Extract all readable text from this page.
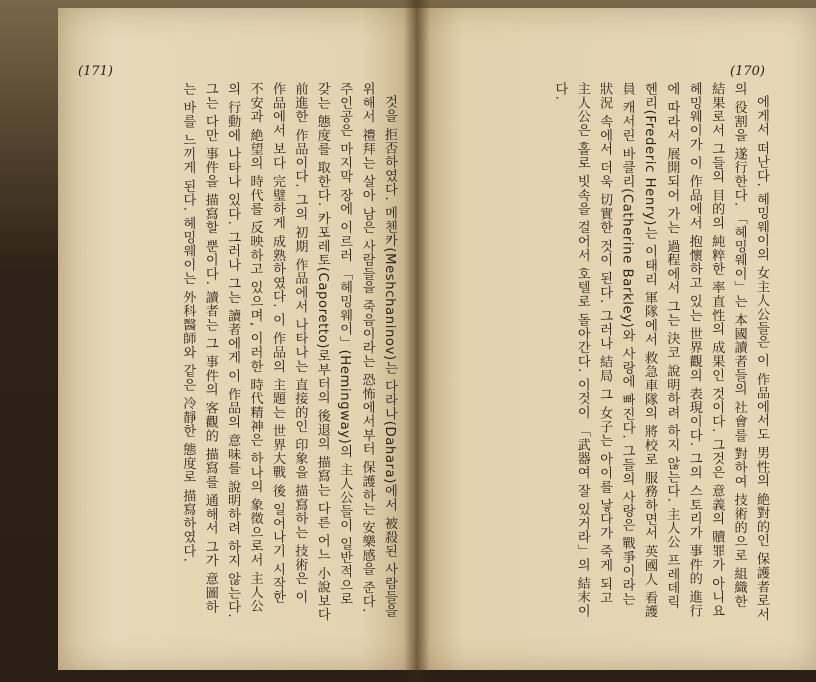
(171)	(170)

에게서 떠난다. 헤밍웨이의 女主人公들은 이 作品에서도 男性의 絶對的인 保護者로서의 役割을 遂行한다. 「헤밍웨이」는 本國讀者들의 社會를 對하여 技術的으로 組織한 結果로서 그들의 目的의 純粹한 率直性의 成果인 것이다. 그것은 意義의 贖罪가 아니요 헤밍웨이가 이 作品에서 抱懷하고 있는 世界觀의 表現이다. 그의 스토리가 事件的 進行에 따라서 展開되어 가는 過程에서 그는 決코 說明하려 하지 않는다. 主人公 프레데릭 헨리(Frederic Henry)는 이태리 軍隊에서 救急車隊의 將校로 服務하면서 英國人 看護員 캐서린 바클리(Catherine Barkley)와 사랑에 빠진다. 그들의 사랑은 戰爭이라는 狀況 속에서 더욱 切實한 것이 된다. 그러나 結局 그 女子는 아이를 낳다가 죽게 되고 主人公은 홀로 빗속을 걸어서 호텔로 돌아간다. 이것이 「武器여 잘 있거라」의 結末이다.

것을 拒否하였다. 메첸카(Meshchaninov)는 다라나(Dahara)에서 被殺된 사람들을 위해서 禮拜는 살아 남은 사람들을 죽음이라는 恐怖에서부터 保護하는 安樂感을 준다. 주인공은 마지막 장에 이르러 「헤밍웨이」(Hemingway)의 主人公들이 일반적으로 갖는 態度를 取한다. 카포레토(Caporetto)로부터의 後退의 描寫는 다른 어느 小說보다 前進한 作品이다. 그의 初期 作品에서 나타나는 直接的인 印象을 描寫하는 技術은 이 作品에서 보다 完璧하게 成熟하였다. 이 作品의 主題는 世界大戰 後 일어나기 시작한 不安과 絶望의 時代를 反映하고 있으며, 이러한 時代精神은 하나의 象徵으로서 主人公의 行動에 나타나 있다. 그러나 그는 讀者에게 이 作品의 意味를 說明하려 하지 않는다. 그는 다만 事件을 描寫할 뿐이다. 讀者는 그 事件의 客觀的 描寫를 通해서 그가 意圖하는 바를 느끼게 된다. 헤밍웨이는 外科醫師와 같은 冷靜한 態度로 描寫하였다.
